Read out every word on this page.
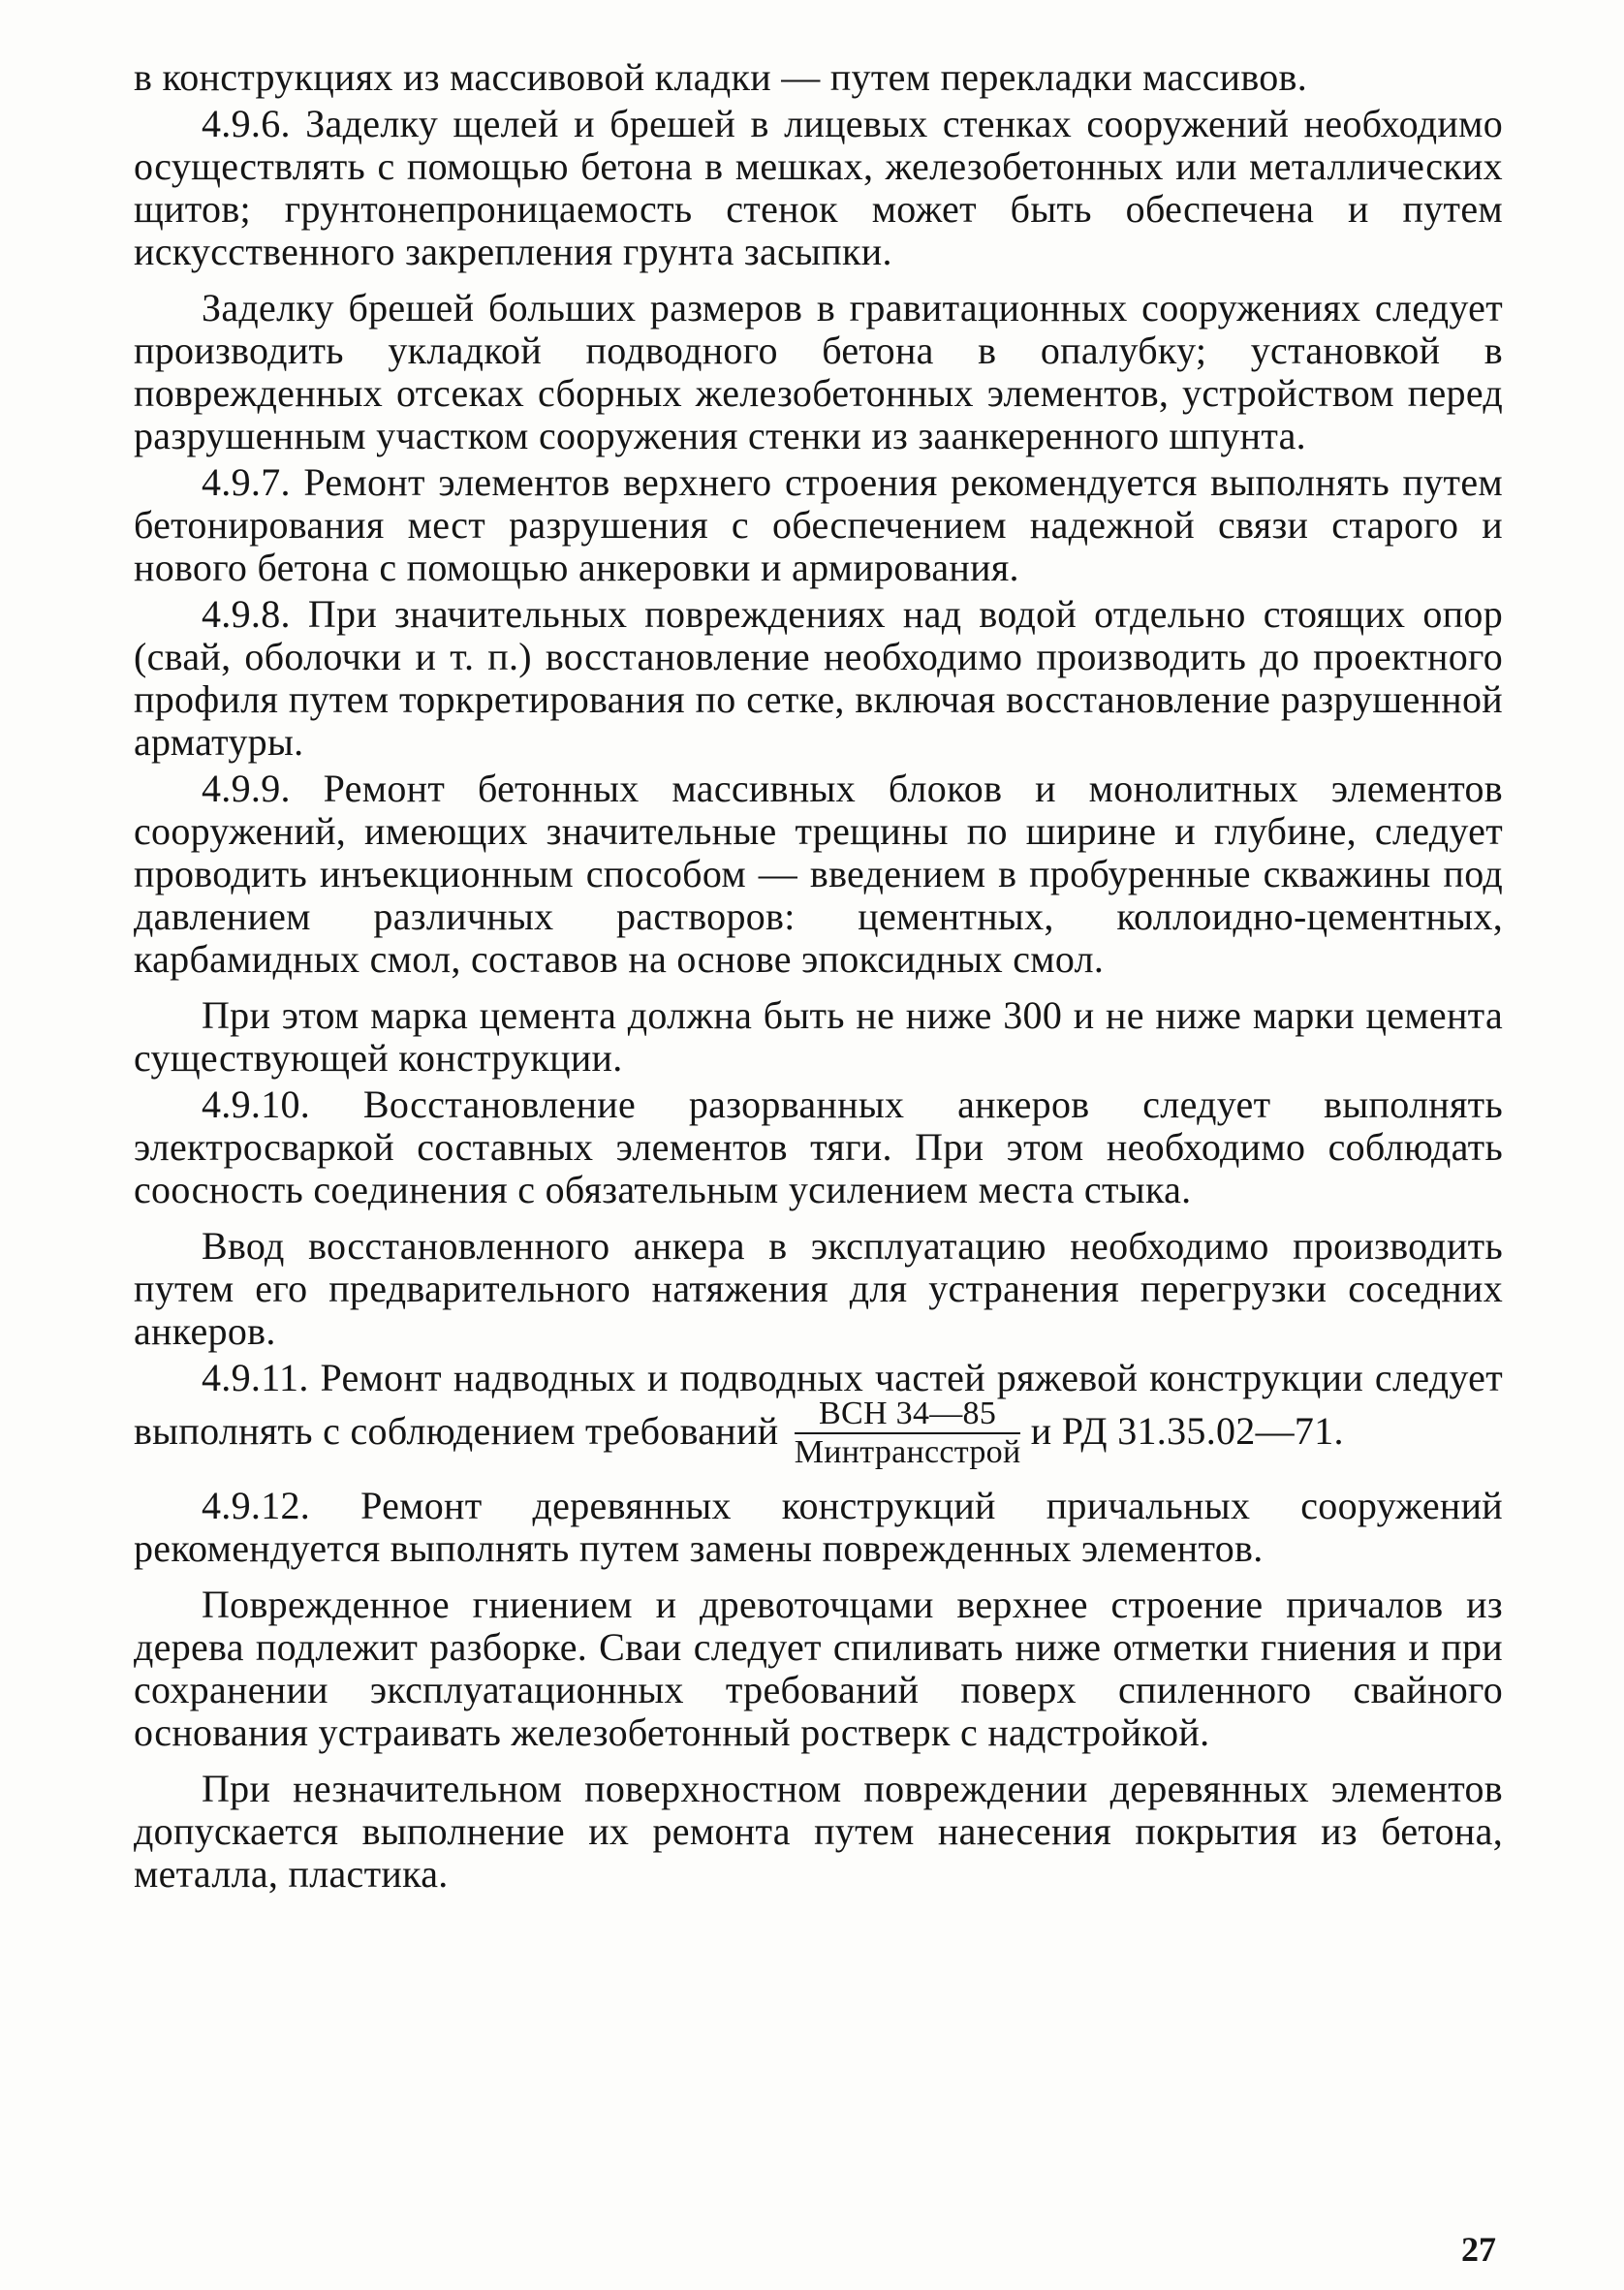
в конструкциях из массивовой кладки — путем перекладки массивов.

4.9.6. Заделку щелей и брешей в лицевых стенках сооружений необходимо осуществлять с помощью бетона в мешках, железобетонных или металлических щитов; грунтонепроницаемость стенок может быть обеспечена и путем искусственного закрепления грунта засыпки.

Заделку брешей больших размеров в гравитационных сооружениях следует производить укладкой подводного бетона в опалубку; установкой в поврежденных отсеках сборных железобетонных элементов, устройством перед разрушенным участком сооружения стенки из заанкеренного шпунта.

4.9.7. Ремонт элементов верхнего строения рекомендуется выполнять путем бетонирования мест разрушения с обеспечением надежной связи старого и нового бетона с помощью анкеровки и армирования.

4.9.8. При значительных повреждениях над водой отдельно стоящих опор (свай, оболочки и т. п.) восстановление необходимо производить до проектного профиля путем торкретирования по сетке, включая восстановление разрушенной арматуры.

4.9.9. Ремонт бетонных массивных блоков и монолитных элементов сооружений, имеющих значительные трещины по ширине и глубине, следует проводить инъекционным способом — введением в пробуренные скважины под давлением различных растворов: цементных, коллоидно-цементных, карбамидных смол, составов на основе эпоксидных смол.

При этом марка цемента должна быть не ниже 300 и не ниже марки цемента существующей конструкции.

4.9.10. Восстановление разорванных анкеров следует выполнять электросваркой составных элементов тяги. При этом необходимо соблюдать соосность соединения с обязательным усилением места стыка.

Ввод восстановленного анкера в эксплуатацию необходимо производить путем его предварительного натяжения для устранения перегрузки соседних анкеров.

4.9.11. Ремонт надводных и подводных частей ряжевой конструкции следует выполнять с соблюдением требований $\frac{\text{ВСН 34—85}}{\text{Минтрансстрой}}$ и РД 31.35.02—71.

4.9.12. Ремонт деревянных конструкций причальных сооружений рекомендуется выполнять путем замены поврежденных элементов.

Поврежденное гниением и древоточцами верхнее строение причалов из дерева подлежит разборке. Сваи следует спиливать ниже отметки гниения и при сохранении эксплуатационных требований поверх спиленного свайного основания устраивать железобетонный ростверк с надстройкой.

При незначительном поверхностном повреждении деревянных элементов допускается выполнение их ремонта путем нанесения покрытия из бетона, металла, пластика.

27
